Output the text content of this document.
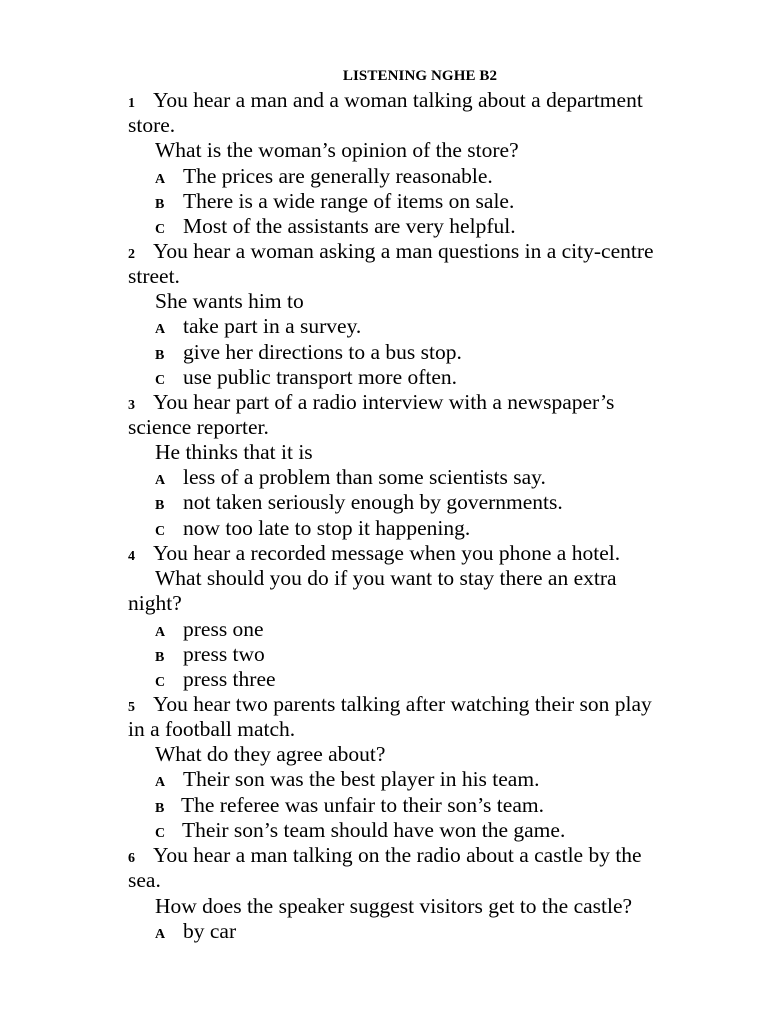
LISTENING NGHE B2
1 You hear a man and a woman talking about a department
store.
What is the woman’s opinion of the store?
A The prices are generally reasonable.
B There is a wide range of items on sale.
C Most of the assistants are very helpful.
2 You hear a woman asking a man questions in a city-centre
street.
She wants him to
A take part in a survey.
B give her directions to a bus stop.
C use public transport more often.
3 You hear part of a radio interview with a newspaper’s
science reporter.
He thinks that it is
A less of a problem than some scientists say.
B not taken seriously enough by governments.
C now too late to stop it happening.
4 You hear a recorded message when you phone a hotel.
What should you do if you want to stay there an extra
night?
A press one
B press two
C press three
5 You hear two parents talking after watching their son play
in a football match.
What do they agree about?
A Their son was the best player in his team.
B The referee was unfair to their son’s team.
C Their son’s team should have won the game.
6 You hear a man talking on the radio about a castle by the
sea.
How does the speaker suggest visitors get to the castle?
A by car
